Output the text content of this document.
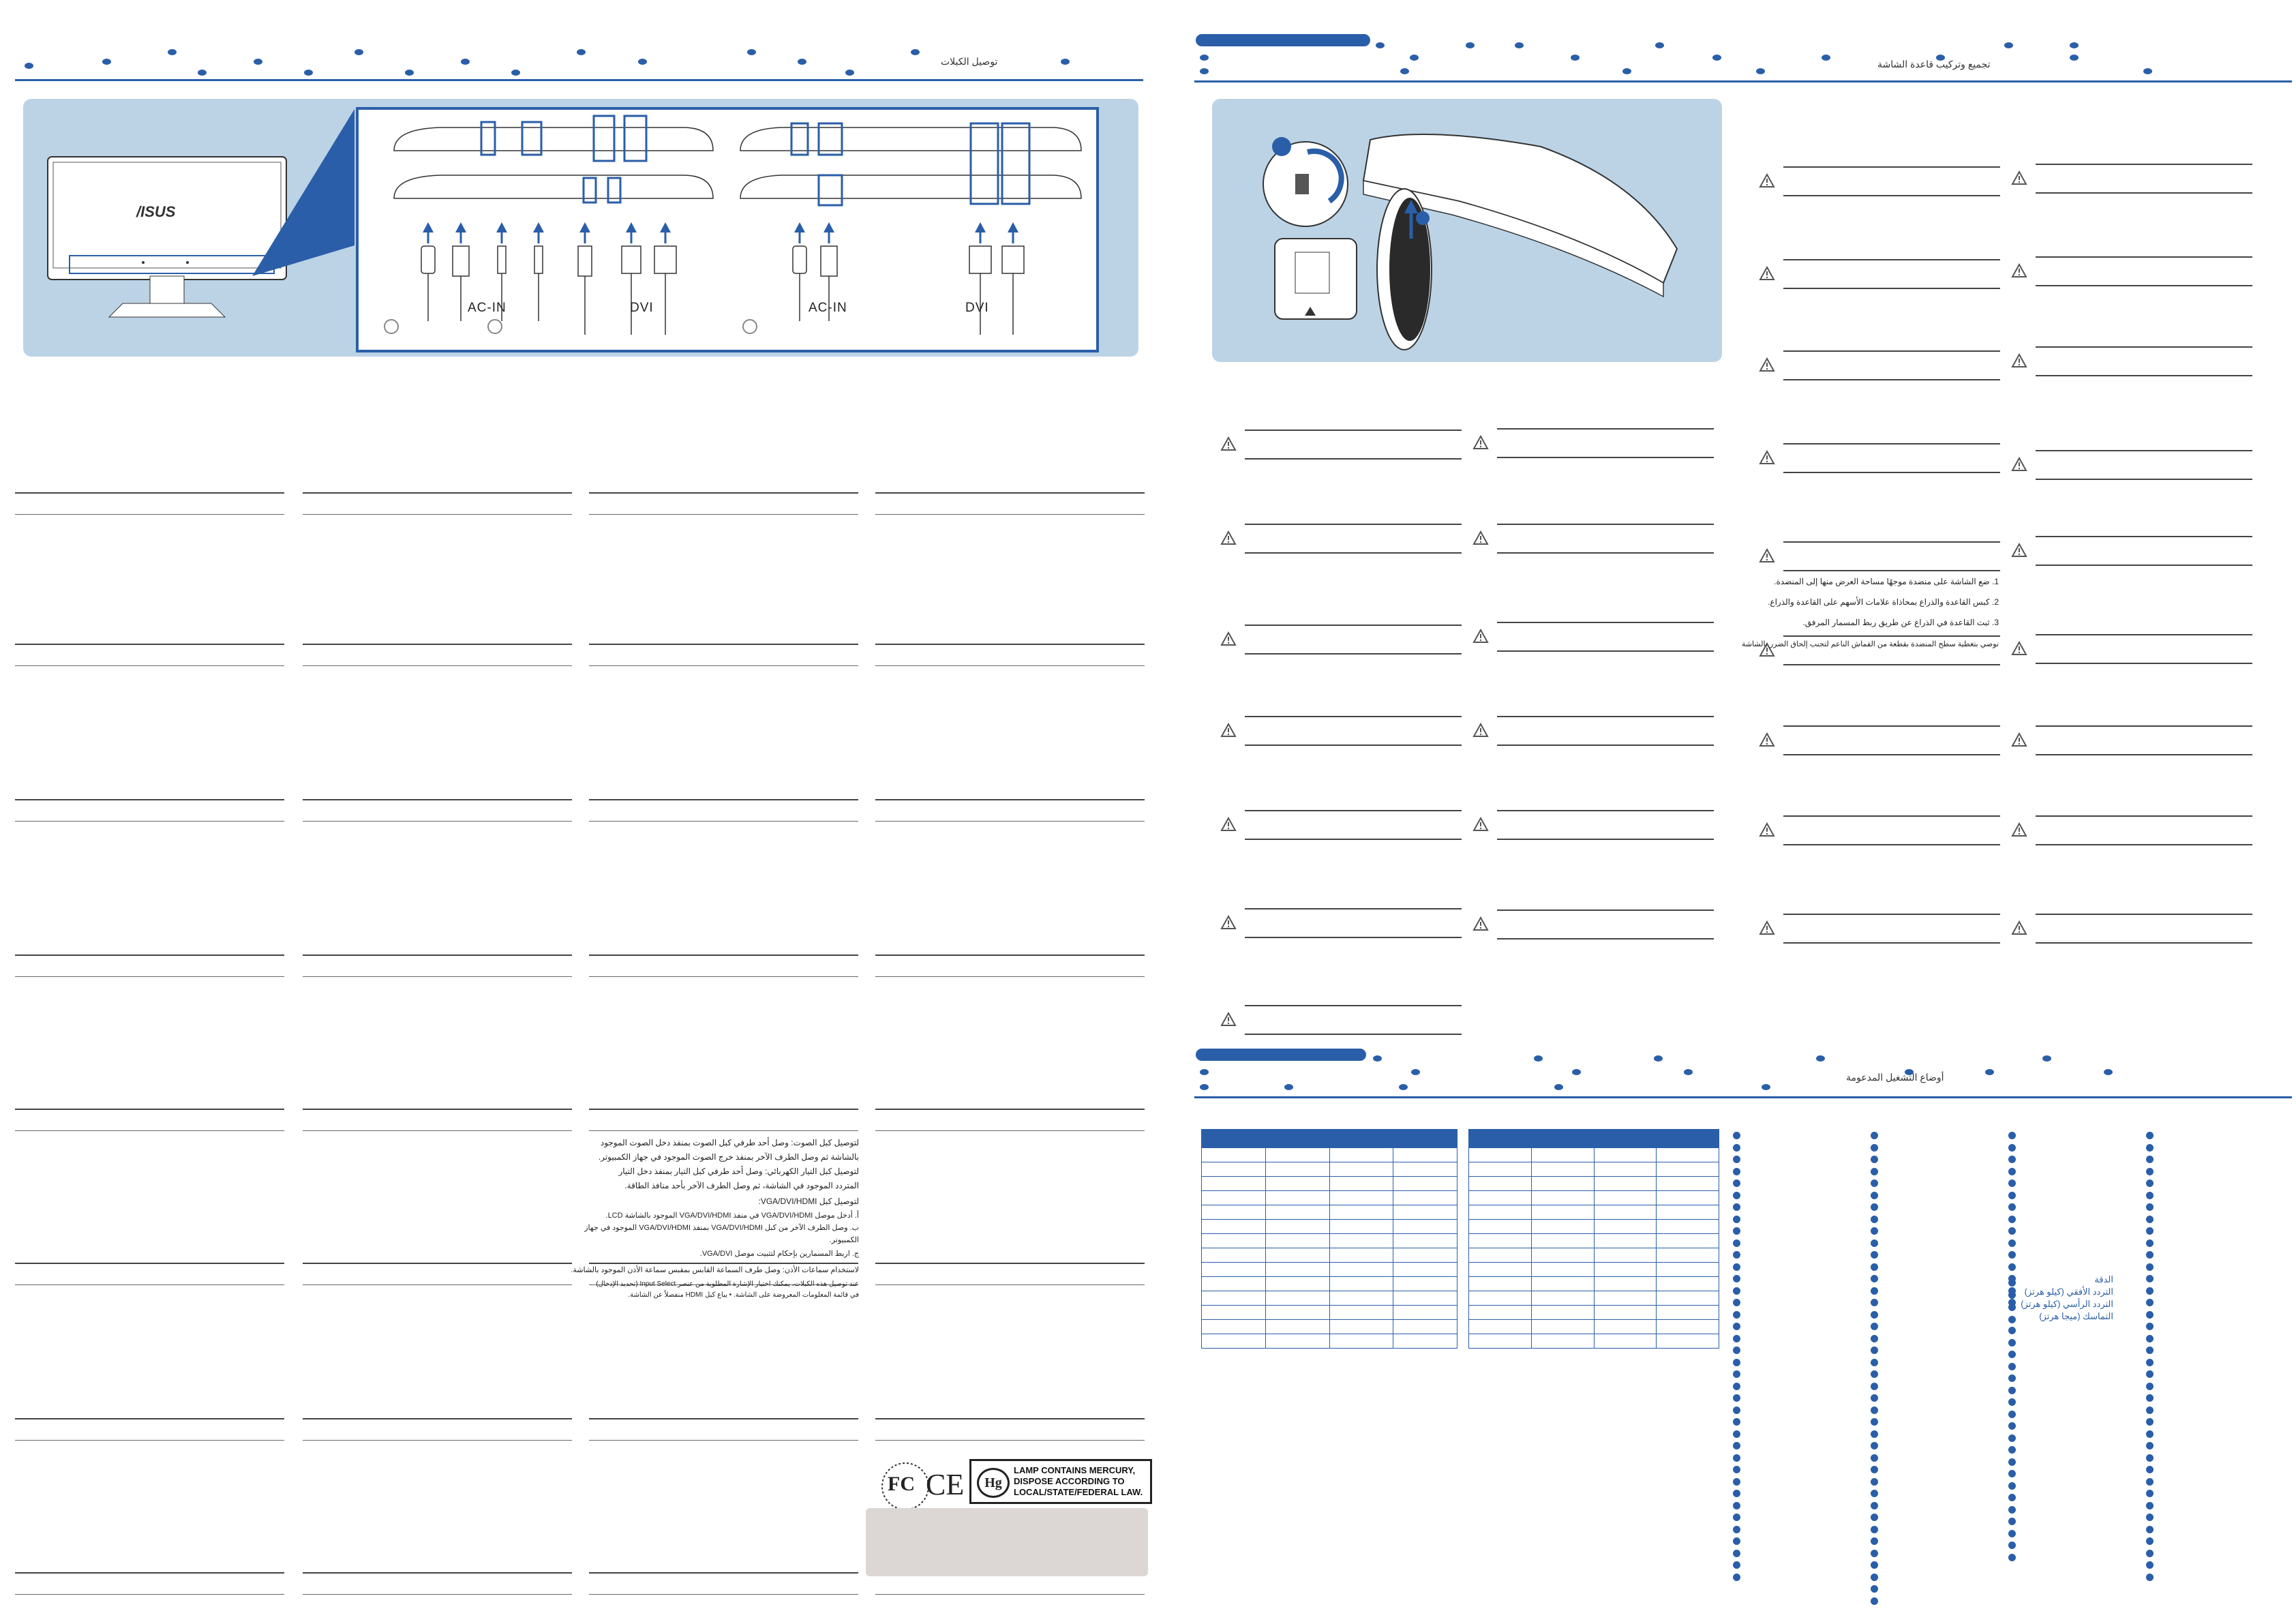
توصيل الكبلات
/ISUS
AC-IN	DVI	AC-IN	DVI
لتوصيل كبل الصوت: وصل أحد طرفي كبل الصوت بمنفذ دخل الصوت الموجود
بالشاشة ثم وصل الطرف الآخر بمنفذ خرج الصوت الموجود في جهاز الكمبيوتر.
لتوصيل كبل التيار الكهربائي: وصل أحد طرفي كبل التيار بمنفذ دخل التيار
المتردد الموجود في الشاشة، ثم وصل الطرف الآخر بأحد منافذ الطاقة.
لتوصيل كبل VGA/DVI/HDMI:
أ. أدخل موصل VGA/DVI/HDMI في منفذ VGA/DVI/HDMI الموجود بالشاشة LCD.
ب. وصل الطرف الآخر من كبل VGA/DVI/HDMI بمنفذ VGA/DVI/HDMI الموجود في جهاز
الكمبيوتر.
ج. اربط المسمارين بإحكام لتثبيت موصل VGA/DVI.
لاستخدام سماعات الأذن: وصل طرف السماعة القابس بمقبس سماعة الأذن الموجود بالشاشة.
عند توصيل هذه الكبلات، يمكنك اختيار الإشارة المطلوبة من عنصر Input Select (تحديد الإدخال)
في قائمة المعلومات المعروضة على الشاشة. • يباع كبل HDMI منفصلاً عن الشاشة.
FC CE	Hg
LAMP CONTAINS MERCURY,
DISPOSE ACCORDING TO
LOCAL/STATE/FEDERAL LAW.
تجميع وتركيب قاعدة الشاشة
1. ضع الشاشة على منضدة موجهًا مساحة العرض منها إلى المنضدة.
2. كبس القاعدة والذراع بمحاذاة علامات الأسهم على القاعدة والذراع.
3. ثبت القاعدة في الذراع عن طريق ربط المسمار المرفق.
نوصي بتغطية سطح المنضدة بقطعة من القماش الناعم لتجنب إلحاق الضرر بالشاشة
أوضاع التشغيل المدعومة

الدقة
التردد الأفقي (كيلو هرتز)
التردد الرأسي (كيلو هرتز)
التماسك (ميجا هرتز)
